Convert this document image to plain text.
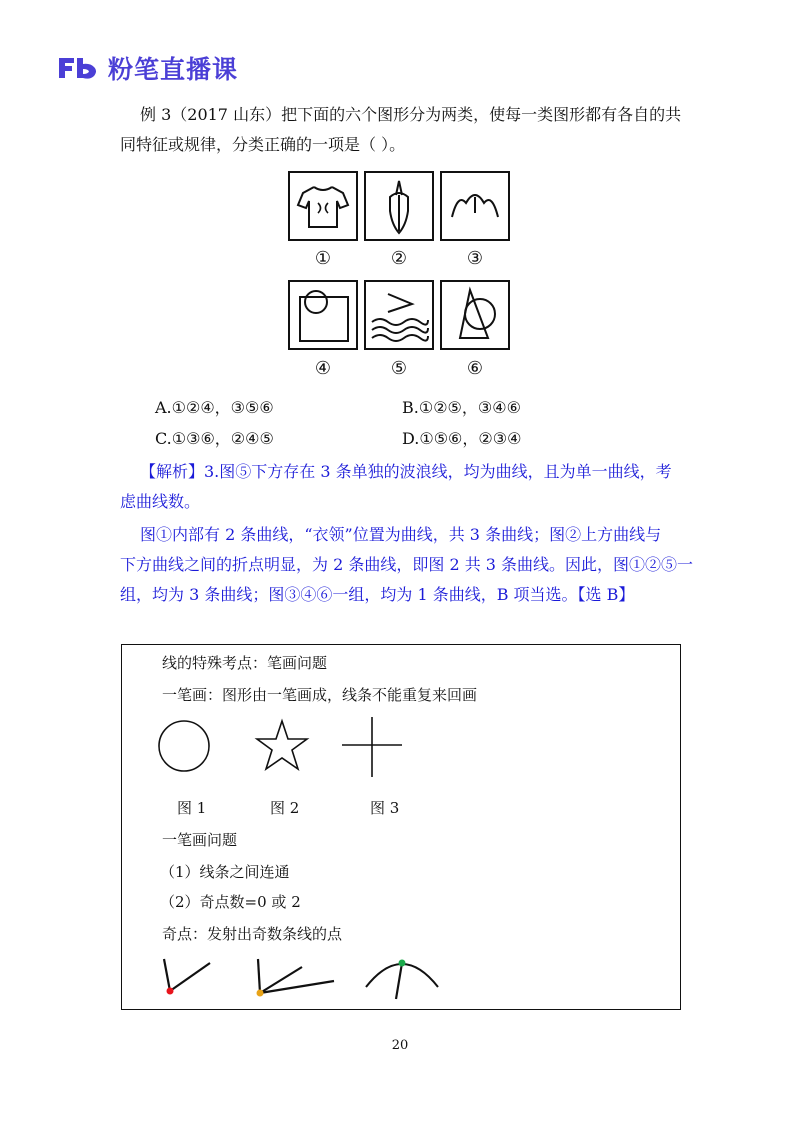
粉笔直播课
例 3（2017 山东）把下面的六个图形分为两类，使每一类图形都有各自的共
同特征或规律，分类正确的一项是（ ）。
①	②	③
④	⑤	⑥
A.①②④，③⑤⑥	B.①②⑤，③④⑥
C.①③⑥，②④⑤	D.①⑤⑥，②③④
【解析】3.图⑤下方存在 3 条单独的波浪线，均为曲线，且为单一曲线，考
虑曲线数。
图①内部有 2 条曲线，“衣领”位置为曲线，共 3 条曲线；图②上方曲线与
下方曲线之间的折点明显，为 2 条曲线，即图 2 共 3 条曲线。因此，图①②⑤一
组，均为 3 条曲线；图③④⑥一组，均为 1 条曲线，B 项当选。【选 B】
线的特殊考点：笔画问题
一笔画：图形由一笔画成，线条不能重复来回画
图 1	图 2	图 3
一笔画问题
（1）线条之间连通
（2）奇点数=0 或 2
奇点：发射出奇数条线的点
20
